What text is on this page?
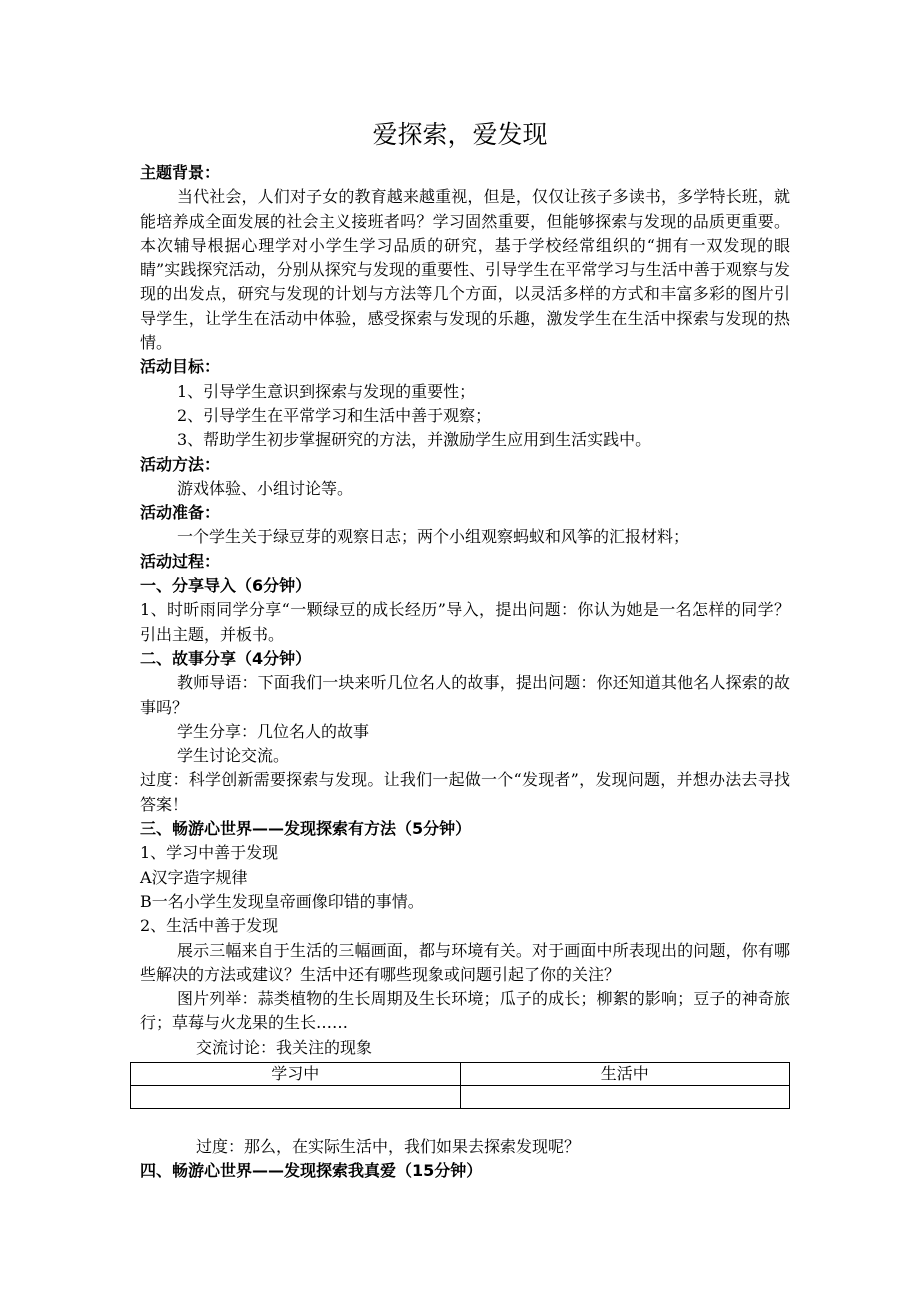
爱探索，爱发现

主题背景：

当代社会，人们对子女的教育越来越重视，但是，仅仅让孩子多读书，多学特长班，就能培养成全面发展的社会主义接班者吗？学习固然重要，但能够探索与发现的品质更重要。本次辅导根据心理学对小学生学习品质的研究，基于学校经常组织的“拥有一双发现的眼睛”实践探究活动，分别从探究与发现的重要性、引导学生在平常学习与生活中善于观察与发现的出发点，研究与发现的计划与方法等几个方面，以灵活多样的方式和丰富多彩的图片引导学生，让学生在活动中体验，感受探索与发现的乐趣，激发学生在生活中探索与发现的热情。

活动目标：

1、引导学生意识到探索与发现的重要性；

2、引导学生在平常学习和生活中善于观察；

3、帮助学生初步掌握研究的方法，并激励学生应用到生活实践中。

活动方法：

游戏体验、小组讨论等。

活动准备：

一个学生关于绿豆芽的观察日志；两个小组观察蚂蚁和风筝的汇报材料；

活动过程：

一、分享导入（6分钟）

1、时昕雨同学分享“一颗绿豆的成长经历”导入，提出问题：你认为她是一名怎样的同学？引出主题，并板书。

二、故事分享（4分钟）

教师导语：下面我们一块来听几位名人的故事，提出问题：你还知道其他名人探索的故事吗？

学生分享：几位名人的故事

学生讨论交流。

过度：科学创新需要探索与发现。让我们一起做一个“发现者”，发现问题，并想办法去寻找答案！

三、畅游心世界——发现探索有方法（5分钟）

1、学习中善于发现

A汉字造字规律

B一名小学生发现皇帝画像印错的事情。

2、生活中善于发现

展示三幅来自于生活的三幅画面，都与环境有关。对于画面中所表现出的问题，你有哪些解决的方法或建议？生活中还有哪些现象或问题引起了你的关注？

图片列举：蒜类植物的生长周期及生长环境；瓜子的成长；柳絮的影响；豆子的神奇旅行；草莓与火龙果的生长……

交流讨论：我关注的现象

学习中	生活中

过度：那么，在实际生活中，我们如果去探索发现呢？

四、畅游心世界——发现探索我真爱（15分钟）
